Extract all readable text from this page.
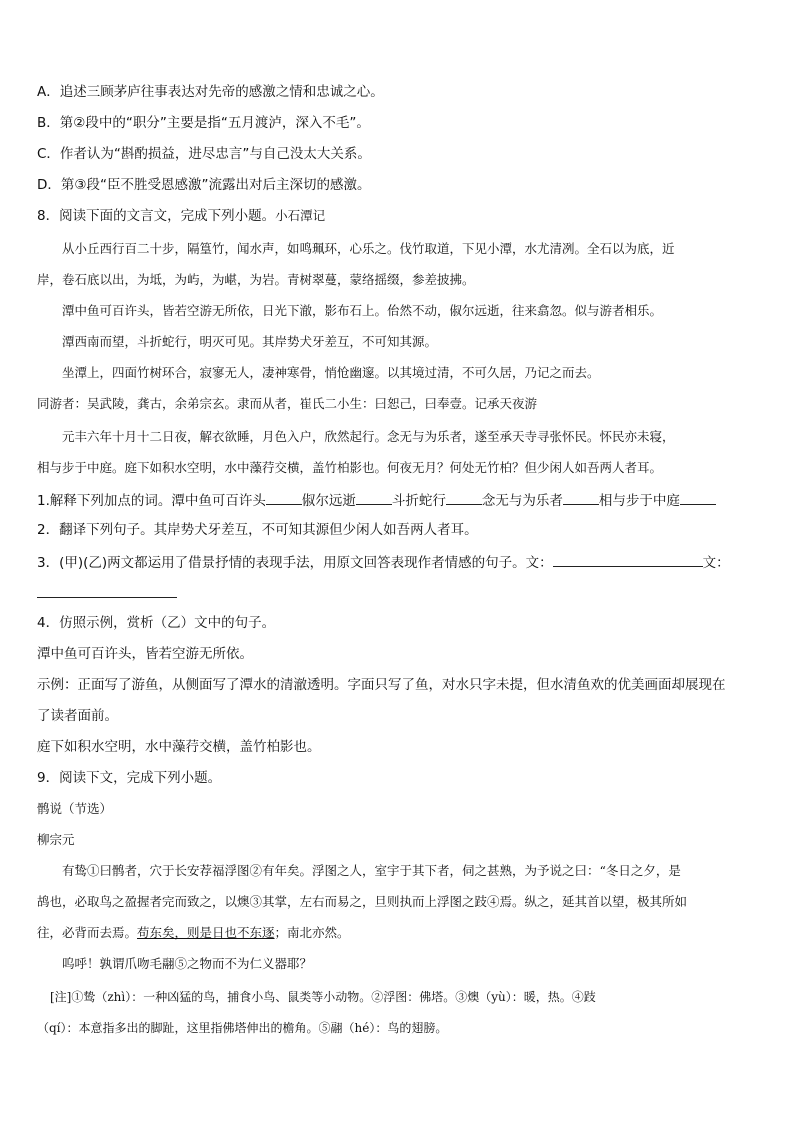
A．追述三顾茅庐往事表达对先帝的感激之情和忠诚之心。
B．第②段中的“职分”主要是指“五月渡泸，深入不毛”。
C．作者认为“斟酌损益，进尽忠言”与自己没太大关系。
D．第③段“臣不胜受恩感激”流露出对后主深切的感激。
8．阅读下面的文言文，完成下列小题。小石潭记
从小丘西行百二十步，隔篁竹，闻水声，如鸣珮环，心乐之。伐竹取道，下见小潭，水尤清冽。全石以为底，近
岸，卷石底以出，为坻，为屿，为嵁，为岩。青树翠蔓，蒙络摇缀，参差披拂。
潭中鱼可百许头，皆若空游无所依，日光下澈，影布石上。佁然不动，俶尔远逝，往来翕忽。似与游者相乐。
潭西南而望，斗折蛇行，明灭可见。其岸势犬牙差互，不可知其源。
坐潭上，四面竹树环合，寂寥无人，凄神寒骨，悄怆幽邃。以其境过清，不可久居，乃记之而去。
同游者：吴武陵，龚古，余弟宗玄。隶而从者，崔氏二小生：曰恕己，曰奉壹。记承天夜游
元丰六年十月十二日夜，解衣欲睡，月色入户，欣然起行。念无与为乐者，遂至承天寺寻张怀民。怀民亦未寝，
相与步于中庭。庭下如积水空明，水中藻荇交横，盖竹柏影也。何夜无月？何处无竹柏？但少闲人如吾两人者耳。
1.解释下列加点的词。潭中鱼可百许头	俶尔远逝	斗折蛇行	念无与为乐者	相与步于中庭
2．翻译下列句子。其岸势犬牙差互，不可知其源但少闲人如吾两人者耳。
3．(甲)(乙)两文都运用了借景抒情的表现手法，用原文回答表现作者情感的句子。文：	文：
4．仿照示例，赏析（乙）文中的句子。
潭中鱼可百许头，皆若空游无所依。
示例：正面写了游鱼，从侧面写了潭水的清澈透明。字面只写了鱼，对水只字未提，但水清鱼欢的优美画面却展现在
了读者面前。
庭下如积水空明，水中藻荇交横，盖竹柏影也。
9．阅读下文，完成下列小题。
鹘说（节选）
柳宗元
有鸷①曰鹘者，穴于长安荐福浮图②有年矣。浮图之人，室宇于其下者，伺之甚熟，为予说之曰：“冬日之夕，是
鸪也，必取鸟之盈握者完而致之，以燠③其掌，左右而易之，旦则执而上浮图之跂④焉。纵之，延其首以望，极其所如
往，必背而去焉。苟东矣，则是日也不东逐；南北亦然。
呜呼！孰谓爪吻毛翮⑤之物而不为仁义器耶？
[注]①鸷（zhì）：一种凶猛的鸟，捕食小鸟、鼠类等小动物。②浮图：佛塔。③燠（yù）：暖，热。④跂
（qí）：本意指多出的脚趾，这里指佛塔伸出的檐角。⑤翮（hé）：鸟的翅膀。
